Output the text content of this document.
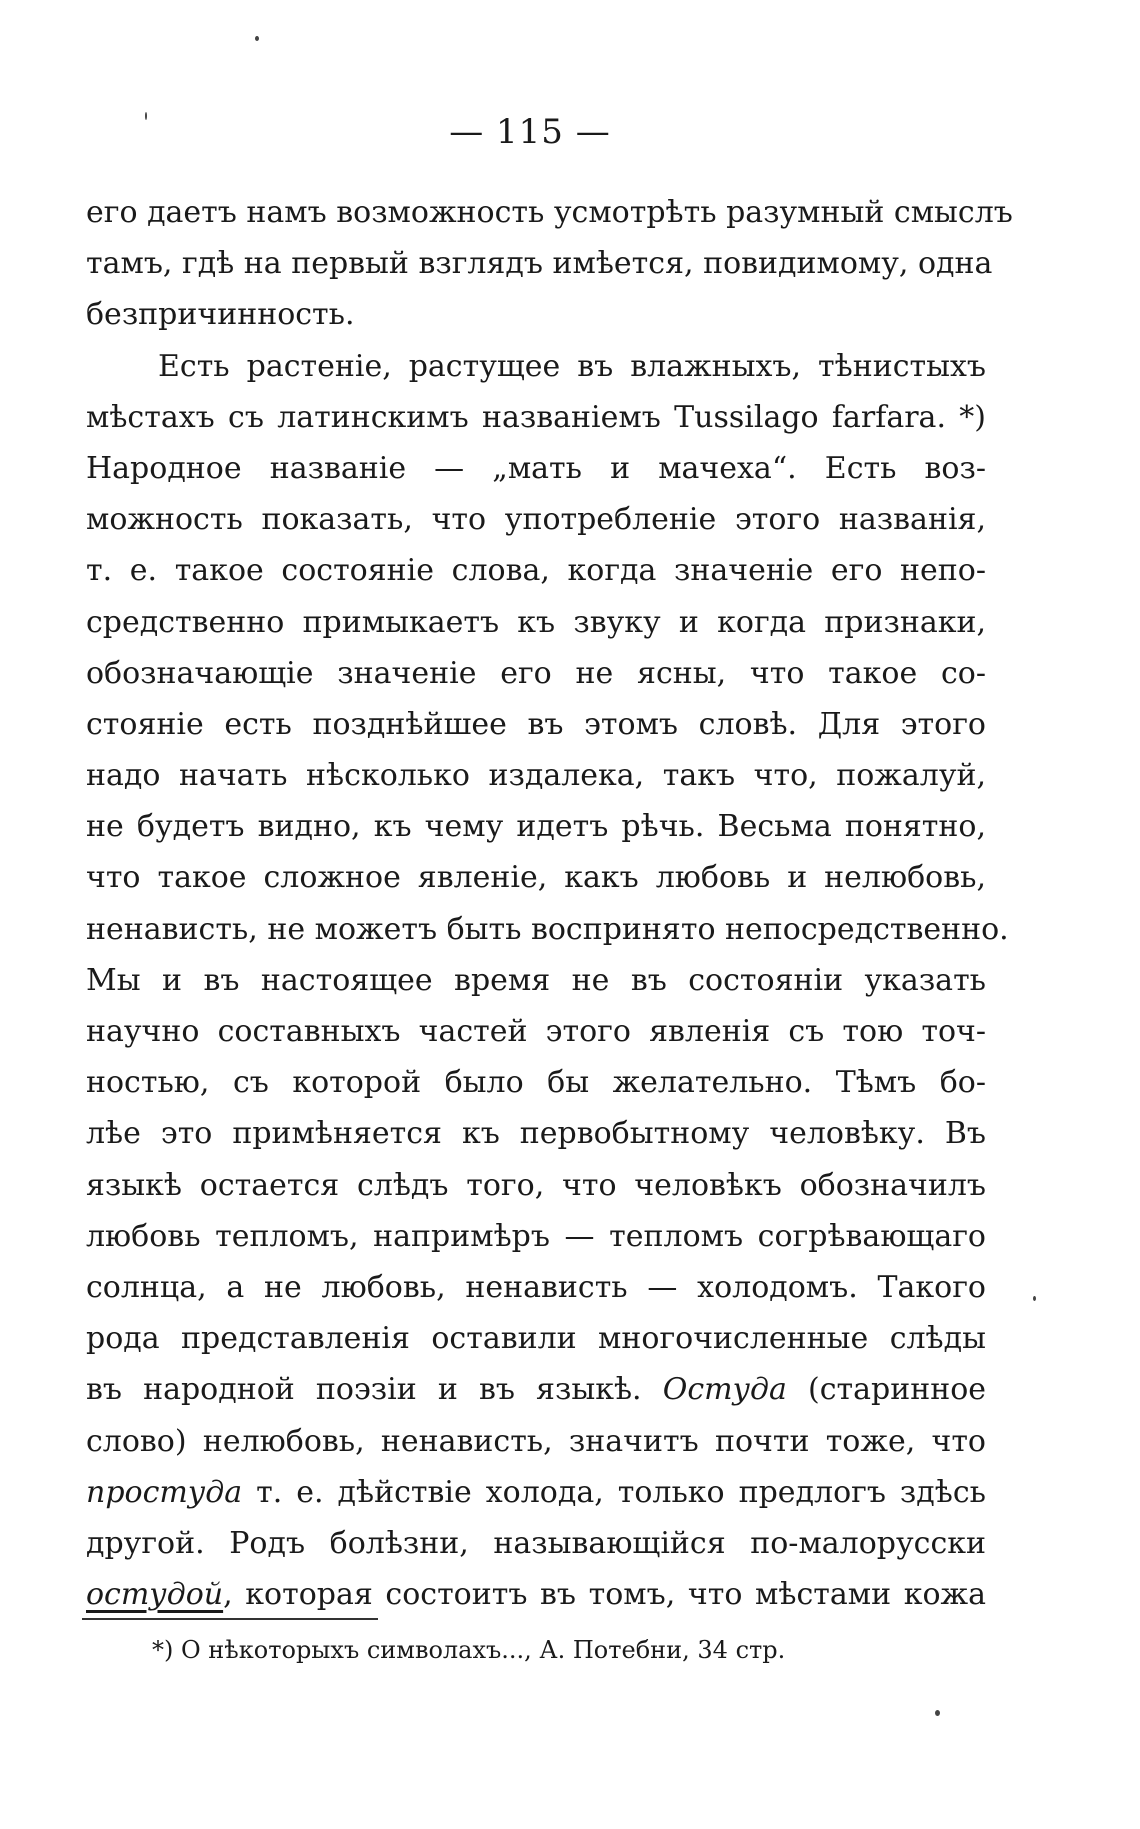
— 115 —
его даетъ намъ возможность усмотрѣть разумный смыслъ
тамъ, гдѣ на первый взглядъ имѣется, повидимому, одна
безпричинность.
Есть растенiе, растущее въ влажныхъ, тѣнистыхъ
мѣстахъ съ латинскимъ названiемъ Tussilago farfara. *)
Народное названiе — „мать и мачеха“. Есть воз-
можность показать, что употребленiе этого названiя,
т. е. такое состоянiе слова, когда значенiе его непо-
средственно примыкаетъ къ звуку и когда признаки,
обозначающiе значенiе его не ясны, что такое со-
стоянiе есть позднѣйшее въ этомъ словѣ. Для этого
надо начать нѣсколько издалека, такъ что, пожалуй,
не будетъ видно, къ чему идетъ рѣчь. Весьма понятно,
что такое сложное явленiе, какъ любовь и нелюбовь,
ненависть, не можетъ быть воспринято непосредственно.
Мы и въ настоящее время не въ состоянiи указать
научно составныхъ частей этого явленiя съ тою точ-
ностью, съ которой было бы желательно. Тѣмъ бо-
лѣе это примѣняется къ первобытному человѣку. Въ
языкѣ остается слѣдъ того, что человѣкъ обозначилъ
любовь тепломъ, напримѣръ — тепломъ согрѣвающаго
солнца, а не любовь, ненависть — холодомъ. Такого
рода представленiя оставили многочисленные слѣды
въ народной поэзiи и въ языкѣ. Остуда (старинное
слово) нелюбовь, ненависть, значитъ почти тоже, что
простуда т. е. дѣйствiе холода, только предлогъ здѣсь
другой. Родъ болѣзни, называющiйся по-малорусски
остудой, которая состоитъ въ томъ, что мѣстами кожа
*) О нѣкоторыхъ символахъ..., А. Потебни, 34 стр.
